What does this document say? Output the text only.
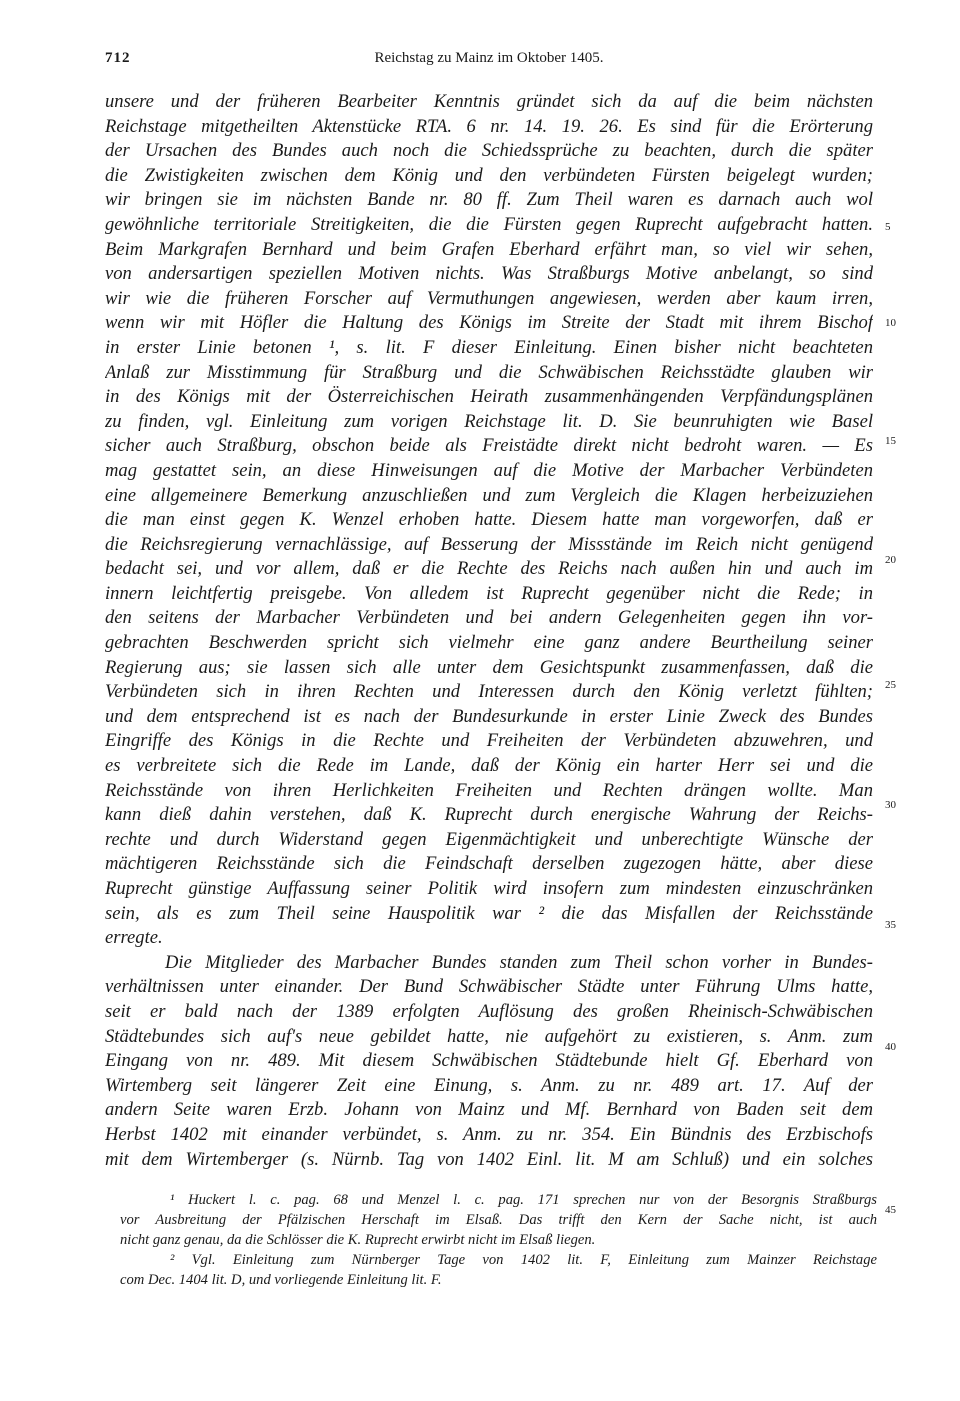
Reichstag zu Mainz im Oktober 1405.
712
unsere und der früheren Bearbeiter Kenntnis gründet sich da auf die beim nächsten
Reichstage mitgetheilten Aktenstücke RTA. 6 nr. 14. 19. 26. Es sind für die Erörterung
der Ursachen des Bundes auch noch die Schiedssprüche zu beachten, durch die später
die Zwistigkeiten zwischen dem König und den verbündeten Fürsten beigelegt wurden;
wir bringen sie im nächsten Bande nr. 80 ff. Zum Theil waren es darnach auch wol
gewöhnliche territoriale Streitigkeiten, die die Fürsten gegen Ruprecht aufgebracht hatten.
Beim Markgrafen Bernhard und beim Grafen Eberhard erfährt man, so viel wir sehen,
von andersartigen speziellen Motiven nichts. Was Straßburgs Motive anbelangt, so sind
wir wie die früheren Forscher auf Vermuthungen angewiesen, werden aber kaum irren,
wenn wir mit Höfler die Haltung des Königs im Streite der Stadt mit ihrem Bischof
in erster Linie betonen ¹, s. lit. F dieser Einleitung. Einen bisher nicht beachteten
Anlaß zur Misstimmung für Straßburg und die Schwäbischen Reichsstädte glauben wir
in des Königs mit der Österreichischen Heirath zusammenhängenden Verpfändungsplänen
zu finden, vgl. Einleitung zum vorigen Reichstage lit. D. Sie beunruhigten wie Basel
sicher auch Straßburg, obschon beide als Freistädte direkt nicht bedroht waren. — Es
mag gestattet sein, an diese Hinweisungen auf die Motive der Marbacher Verbündeten
eine allgemeinere Bemerkung anzuschließen und zum Vergleich die Klagen herbeizuziehen
die man einst gegen K. Wenzel erhoben hatte. Diesem hatte man vorgeworfen, daß er
die Reichsregierung vernachlässige, auf Besserung der Missstände im Reich nicht genügend
bedacht sei, und vor allem, daß er die Rechte des Reichs nach außen hin und auch im
innern leichtfertig preisgebe. Von alledem ist Ruprecht gegenüber nicht die Rede; in
den seitens der Marbacher Verbündeten und bei andern Gelegenheiten gegen ihn vor-
gebrachten Beschwerden spricht sich vielmehr eine ganz andere Beurtheilung seiner
Regierung aus; sie lassen sich alle unter dem Gesichtspunkt zusammenfassen, daß die
Verbündeten sich in ihren Rechten und Interessen durch den König verletzt fühlten;
und dem entsprechend ist es nach der Bundesurkunde in erster Linie Zweck des Bundes
Eingriffe des Königs in die Rechte und Freiheiten der Verbündeten abzuwehren, und
es verbreitete sich die Rede im Lande, daß der König ein harter Herr sei und die
Reichsstände von ihren Herlichkeiten Freiheiten und Rechten drängen wollte. Man
kann dieß dahin verstehen, daß K. Ruprecht durch energische Wahrung der Reichs-
rechte und durch Widerstand gegen Eigenmächtigkeit und unberechtigte Wünsche der
mächtigeren Reichsstände sich die Feindschaft derselben zugezogen hätte, aber diese
Ruprecht günstige Auffassung seiner Politik wird insofern zum mindesten einzuschränken
sein, als es zum Theil seine Hauspolitik war ² die das Misfallen der Reichsstände
erregte.
Die Mitglieder des Marbacher Bundes standen zum Theil schon vorher in Bundes-
verhältnissen unter einander. Der Bund Schwäbischer Städte unter Führung Ulms hatte,
seit er bald nach der 1389 erfolgten Auflösung des großen Rheinisch-Schwäbischen
Städtebundes sich auf's neue gebildet hatte, nie aufgehört zu existieren, s. Anm. zum
Eingang von nr. 489. Mit diesem Schwäbischen Städtebunde hielt Gf. Eberhard von
Wirtemberg seit längerer Zeit eine Einung, s. Anm. zu nr. 489 art. 17. Auf der
andern Seite waren Erzb. Johann von Mainz und Mf. Bernhard von Baden seit dem
Herbst 1402 mit einander verbündet, s. Anm. zu nr. 354. Ein Bündnis des Erzbischofs
mit dem Wirtemberger (s. Nürnb. Tag von 1402 Einl. lit. M am Schluß) und ein solches
¹ Huckert l. c. pag. 68 und Menzel l. c. pag. 171 sprechen nur von der Besorgnis Straßburgs
vor Ausbreitung der Pfälzischen Herschaft im Elsaß. Das trifft den Kern der Sache nicht, ist auch
nicht ganz genau, da die Schlösser die K. Ruprecht erwirbt nicht im Elsaß liegen.
² Vgl. Einleitung zum Nürnberger Tage von 1402 lit. F, Einleitung zum Mainzer Reichstage
com Dec. 1404 lit. D, und vorliegende Einleitung lit. F.
5
10
15
20
25
30
35
40
45
